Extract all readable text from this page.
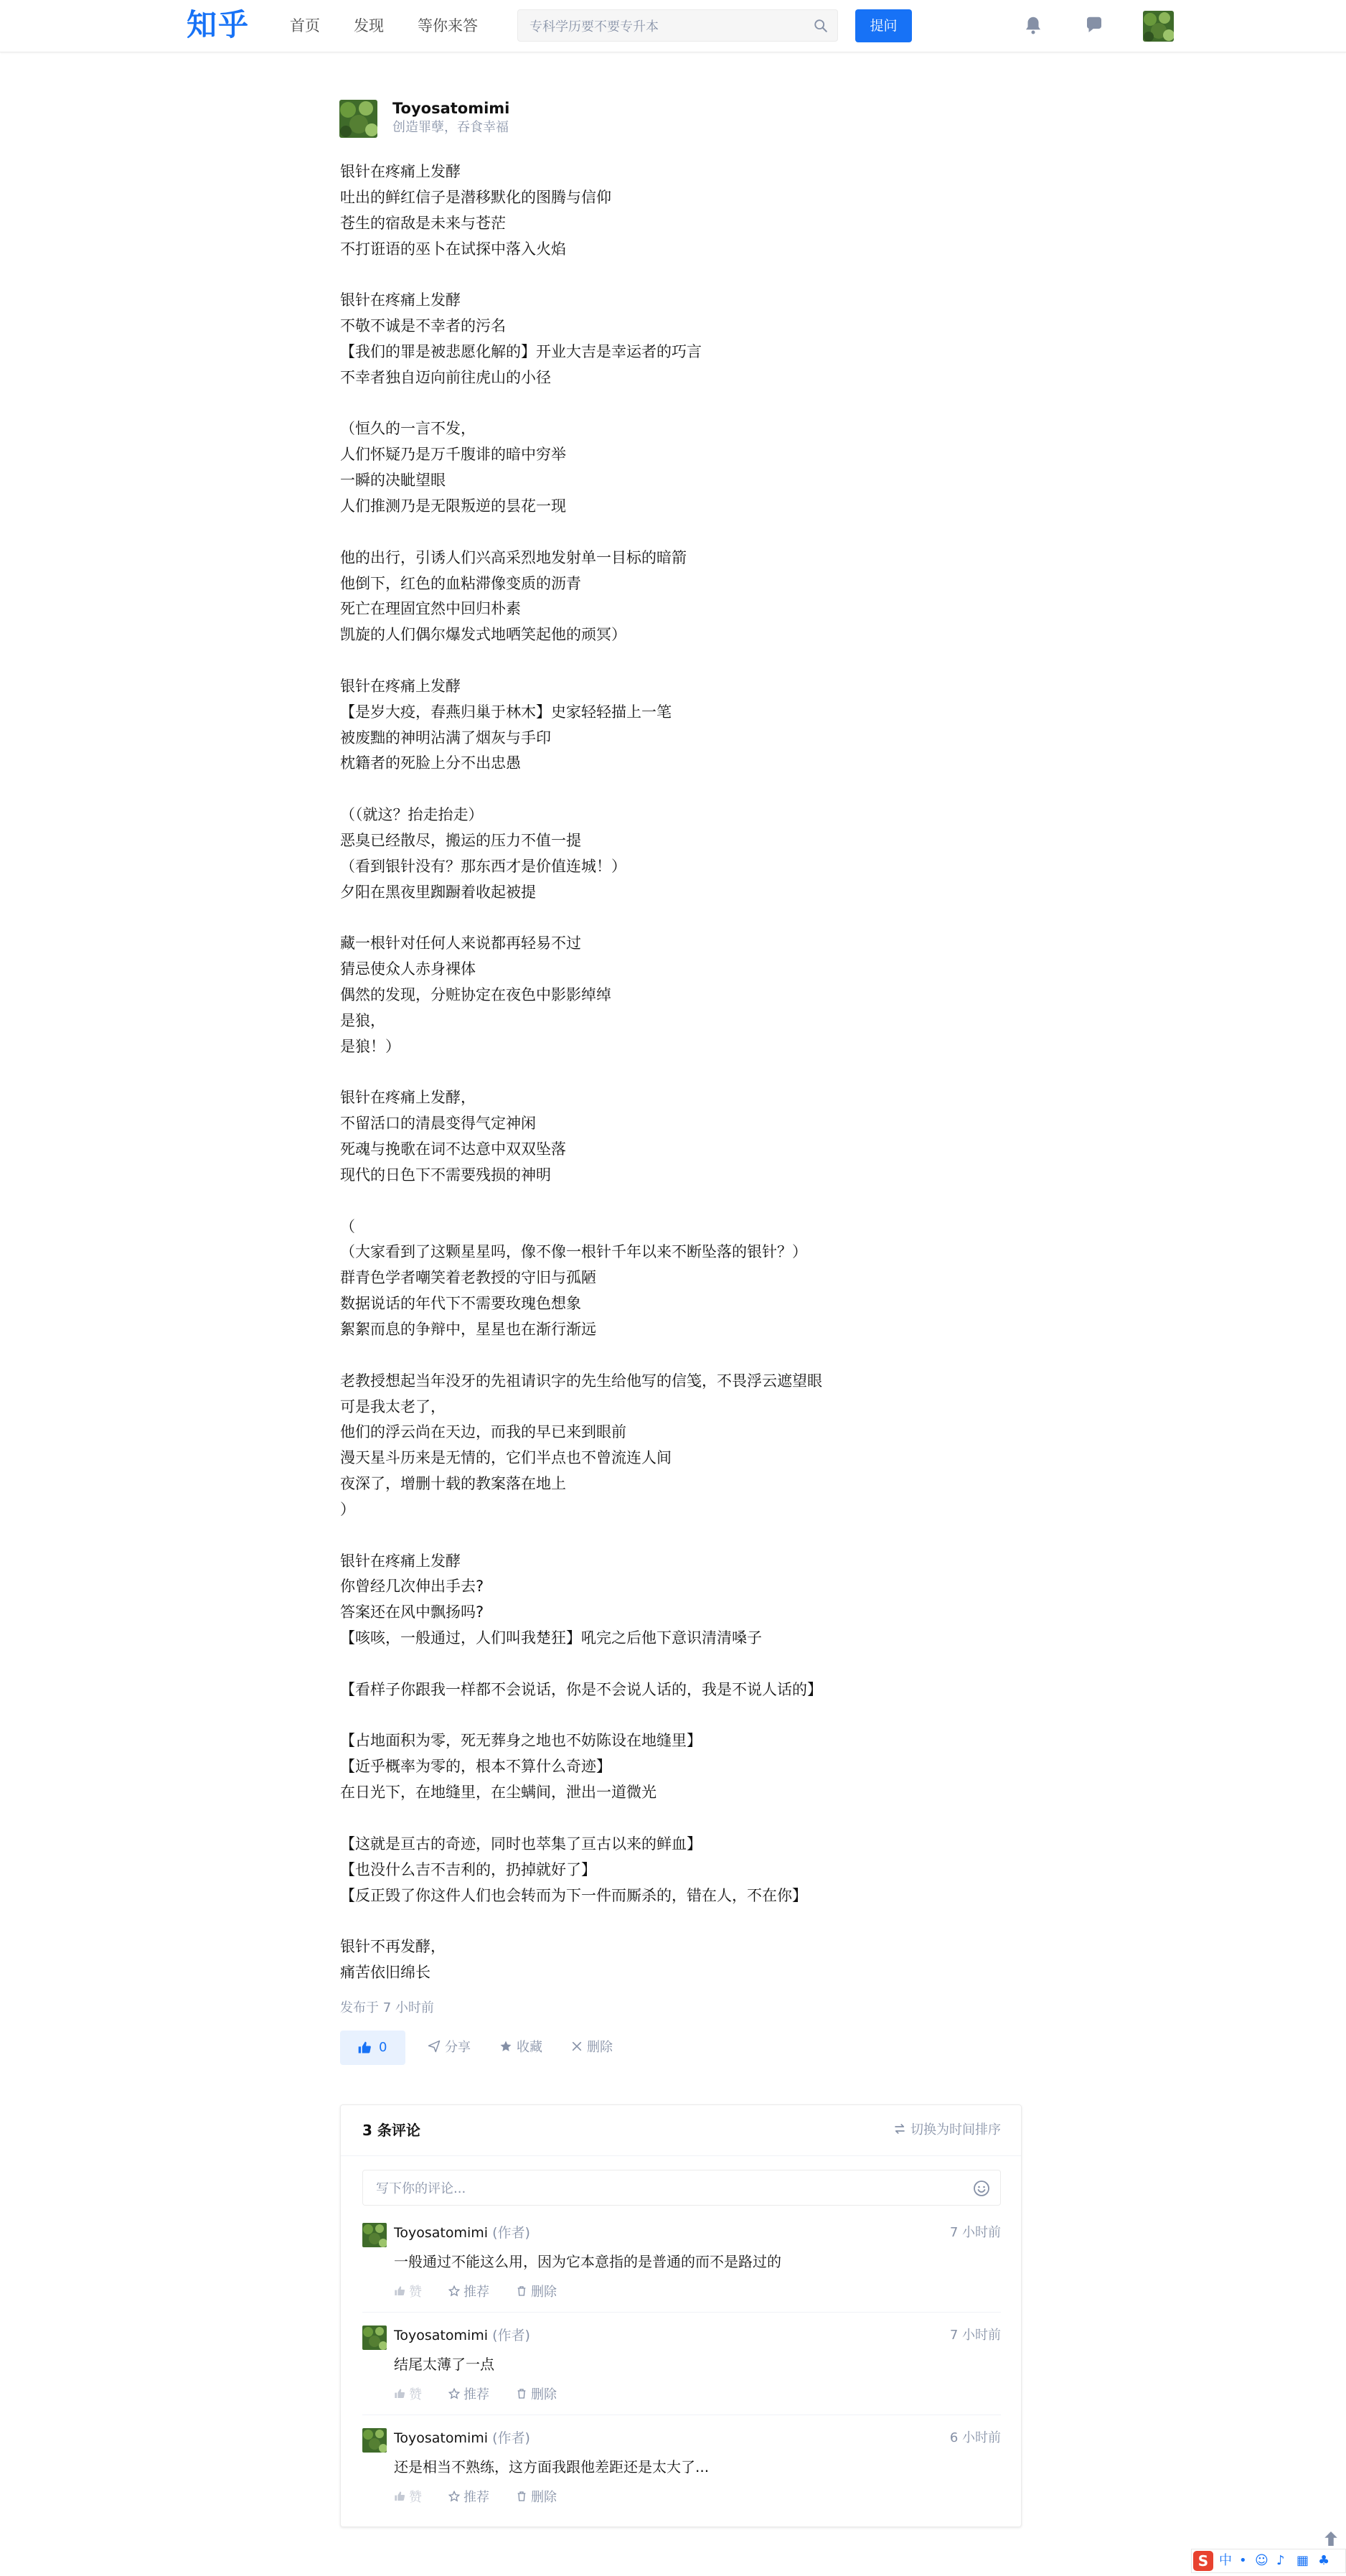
知乎	首页 发现 等你来答
专科学历要不要专升本	提问
Toyosatomimi
创造罪孽，吞食幸福

银针在疼痛上发酵

吐出的鲜红信子是潜移默化的图腾与信仰

苍生的宿敌是未来与苍茫

不打诳语的巫卜在试探中落入火焰

银针在疼痛上发酵

不敬不诚是不幸者的污名

【我们的罪是被悲愿化解的】开业大吉是幸运者的巧言

不幸者独自迈向前往虎山的小径

（恒久的一言不发，

人们怀疑乃是万千腹诽的暗中穷举

一瞬的决眦望眼

人们推测乃是无限叛逆的昙花一现

他的出行，引诱人们兴高采烈地发射单一目标的暗箭

他倒下，红色的血粘滞像变质的沥青

死亡在理固宜然中回归朴素

凯旋的人们偶尔爆发式地哂笑起他的顽冥）

银针在疼痛上发酵

【是岁大疫，春燕归巢于林木】史家轻轻描上一笔

被废黜的神明沾满了烟灰与手印

枕籍者的死脸上分不出忠愚

（（就这？抬走抬走）

恶臭已经散尽，搬运的压力不值一提

（看到银针没有？那东西才是价值连城！）

夕阳在黑夜里踟蹰着收起被提

藏一根针对任何人来说都再轻易不过

猜忌使众人赤身裸体

偶然的发现，分赃协定在夜色中影影绰绰

是狼，

是狼！）

银针在疼痛上发酵，

不留活口的清晨变得气定神闲

死魂与挽歌在词不达意中双双坠落

现代的日色下不需要残损的神明

（

（大家看到了这颗星星吗，像不像一根针千年以来不断坠落的银针？）

群青色学者嘲笑着老教授的守旧与孤陋

数据说话的年代下不需要玫瑰色想象

絮絮而息的争辩中，星星也在渐行渐远

老教授想起当年没牙的先祖请识字的先生给他写的信笺，不畏浮云遮望眼

可是我太老了，

他们的浮云尚在天边，而我的早已来到眼前

漫天星斗历来是无情的，它们半点也不曾流连人间

夜深了，增删十载的教案落在地上

）

银针在疼痛上发酵

你曾经几次伸出手去?

答案还在风中飘扬吗?

【咳咳，一般通过，人们叫我楚狂】吼完之后他下意识清清嗓子

【看样子你跟我一样都不会说话，你是不会说人话的，我是不说人话的】

【占地面积为零，死无葬身之地也不妨陈设在地缝里】

【近乎概率为零的，根本不算什么奇迹】

在日光下，在地缝里，在尘螨间，泄出一道微光

【这就是亘古的奇迹，同时也萃集了亘古以来的鲜血】

【也没什么吉不吉利的，扔掉就好了】

【反正毁了你这件人们也会转而为下一件而厮杀的，错在人，不在你】

银针不再发酵，

痛苦依旧绵长

发布于 7 小时前
0	分享	收藏	删除
3 条评论	切换为时间排序
写下你的评论...
Toyosatomimi (作者)	7 小时前
一般通过不能这么用，因为它本意指的是普通的而不是路过的
赞	推荐	删除
Toyosatomimi (作者)	7 小时前
结尾太薄了一点
赞	推荐	删除
Toyosatomimi (作者)	6 小时前
还是相当不熟练，这方面我跟他差距还是太大了...
赞	推荐	删除
S 中 • ☺ ♪ ▦ ♣
